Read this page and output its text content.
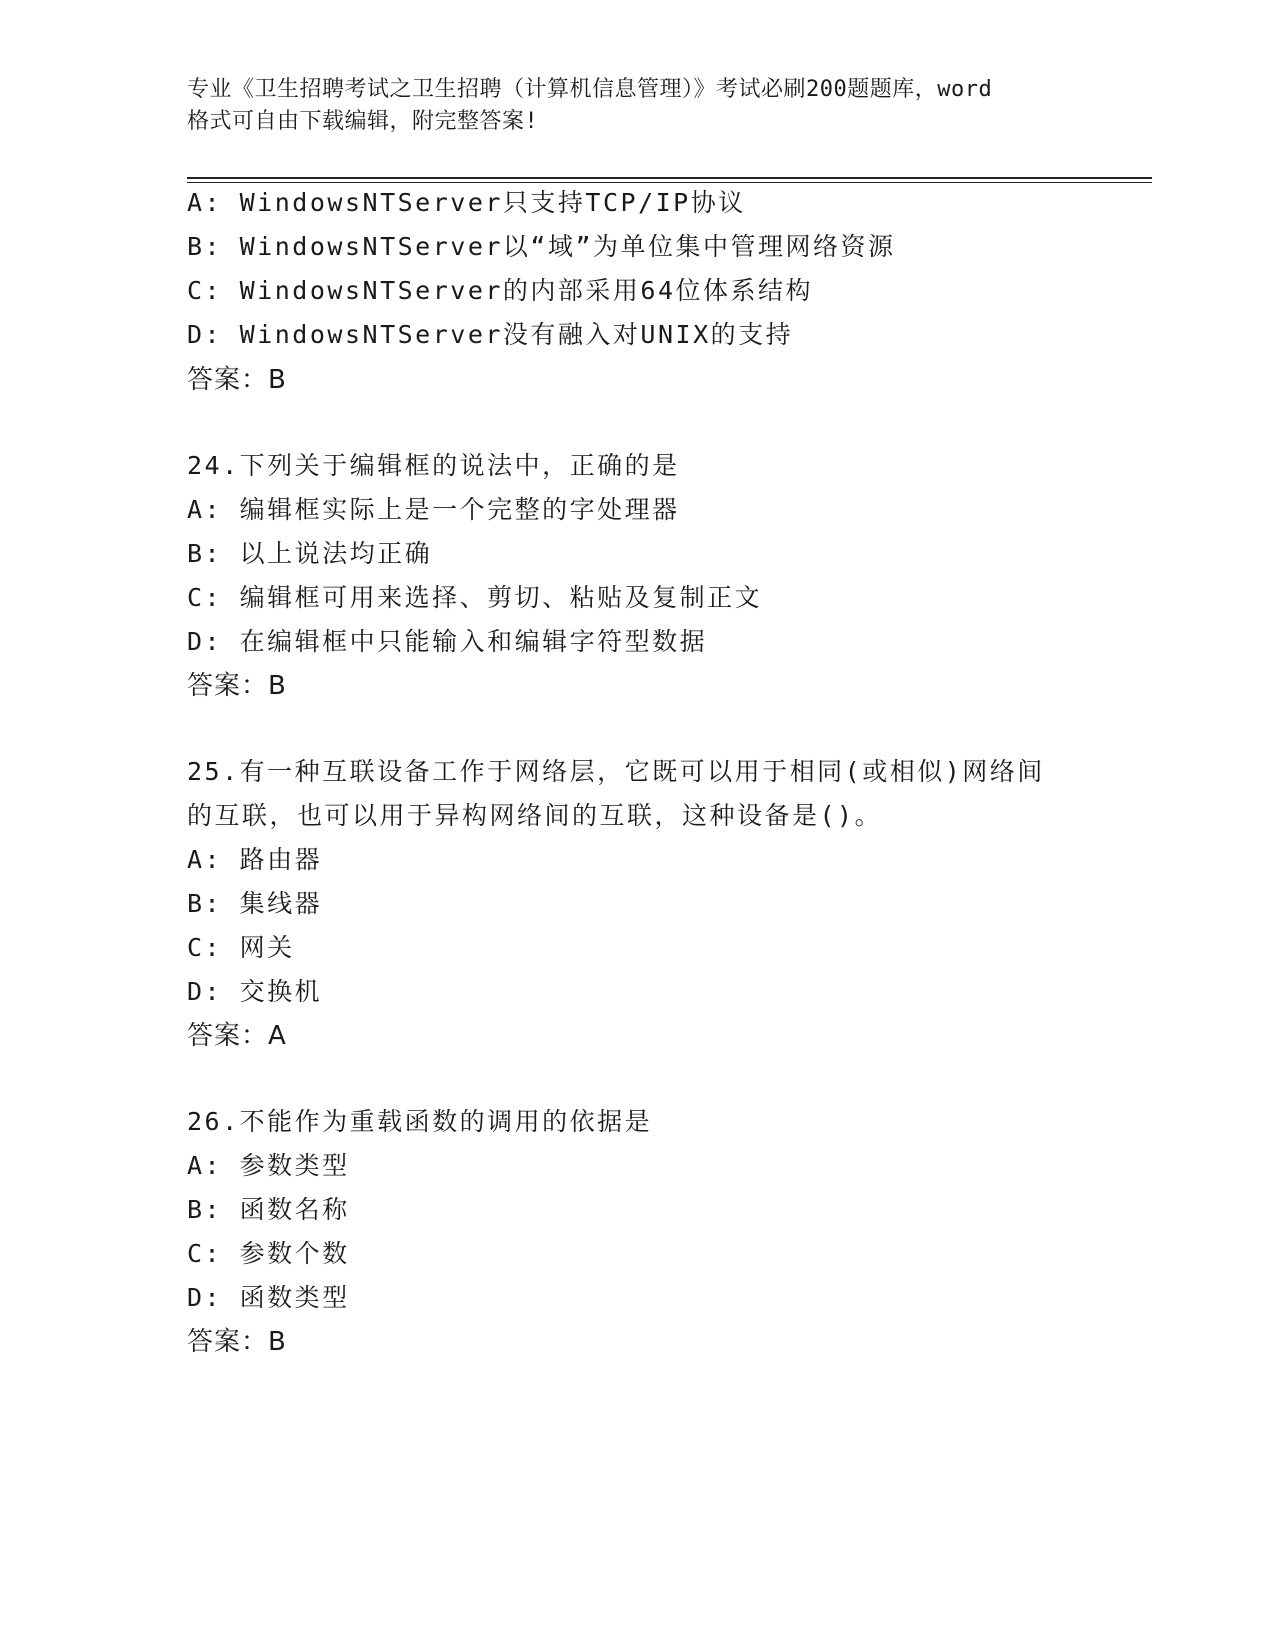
专业《卫生招聘考试之卫生招聘（计算机信息管理）》考试必刷200题题库，word
格式可自由下载编辑，附完整答案!
A: WindowsNTServer只支持TCP/IP协议
B: WindowsNTServer以“域”为单位集中管理网络资源
C: WindowsNTServer的内部采用64位体系结构
D: WindowsNTServer没有融入对UNIX的支持
答案：B
24.下列关于编辑框的说法中，正确的是
A: 编辑框实际上是一个完整的字处理器
B: 以上说法均正确
C: 编辑框可用来选择、剪切、粘贴及复制正文
D: 在编辑框中只能输入和编辑字符型数据
答案：B
25.有一种互联设备工作于网络层，它既可以用于相同(或相似)网络间
的互联，也可以用于异构网络间的互联，这种设备是()。
A: 路由器
B: 集线器
C: 网关
D: 交换机
答案：A
26.不能作为重载函数的调用的依据是
A: 参数类型
B: 函数名称
C: 参数个数
D: 函数类型
答案：B
